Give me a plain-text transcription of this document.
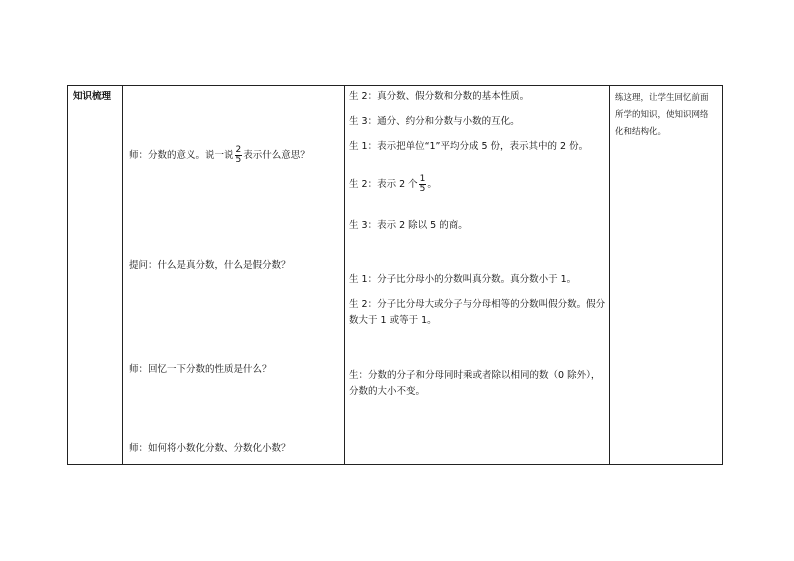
知识梳理
师：分数的意义。说一说 $\frac{2}{5}$ 表示什么意思？
提问：什么是真分数，什么是假分数？
师：回忆一下分数的性质是什么？
师：如何将小数化分数、分数化小数？
生 2：真分数、假分数和分数的基本性质。
生 3：通分、约分和分数与小数的互化。
生 1：表示把单位“1”平均分成 5 份，表示其中的 2 份。
生 2：表示 2 个 $\frac{1}{5}$ 。
生 3：表示 2 除以 5 的商。
生 1：分子比分母小的分数叫真分数。真分数小于 1。
生 2：分子比分母大或分子与分母相等的分数叫假分数。假分数大于 1 或等于 1。
生：分数的分子和分母同时乘或者除以相同的数（0 除外），分数的大小不变。
练这理，让学生回忆前面所学的知识，使知识网络化和结构化。
